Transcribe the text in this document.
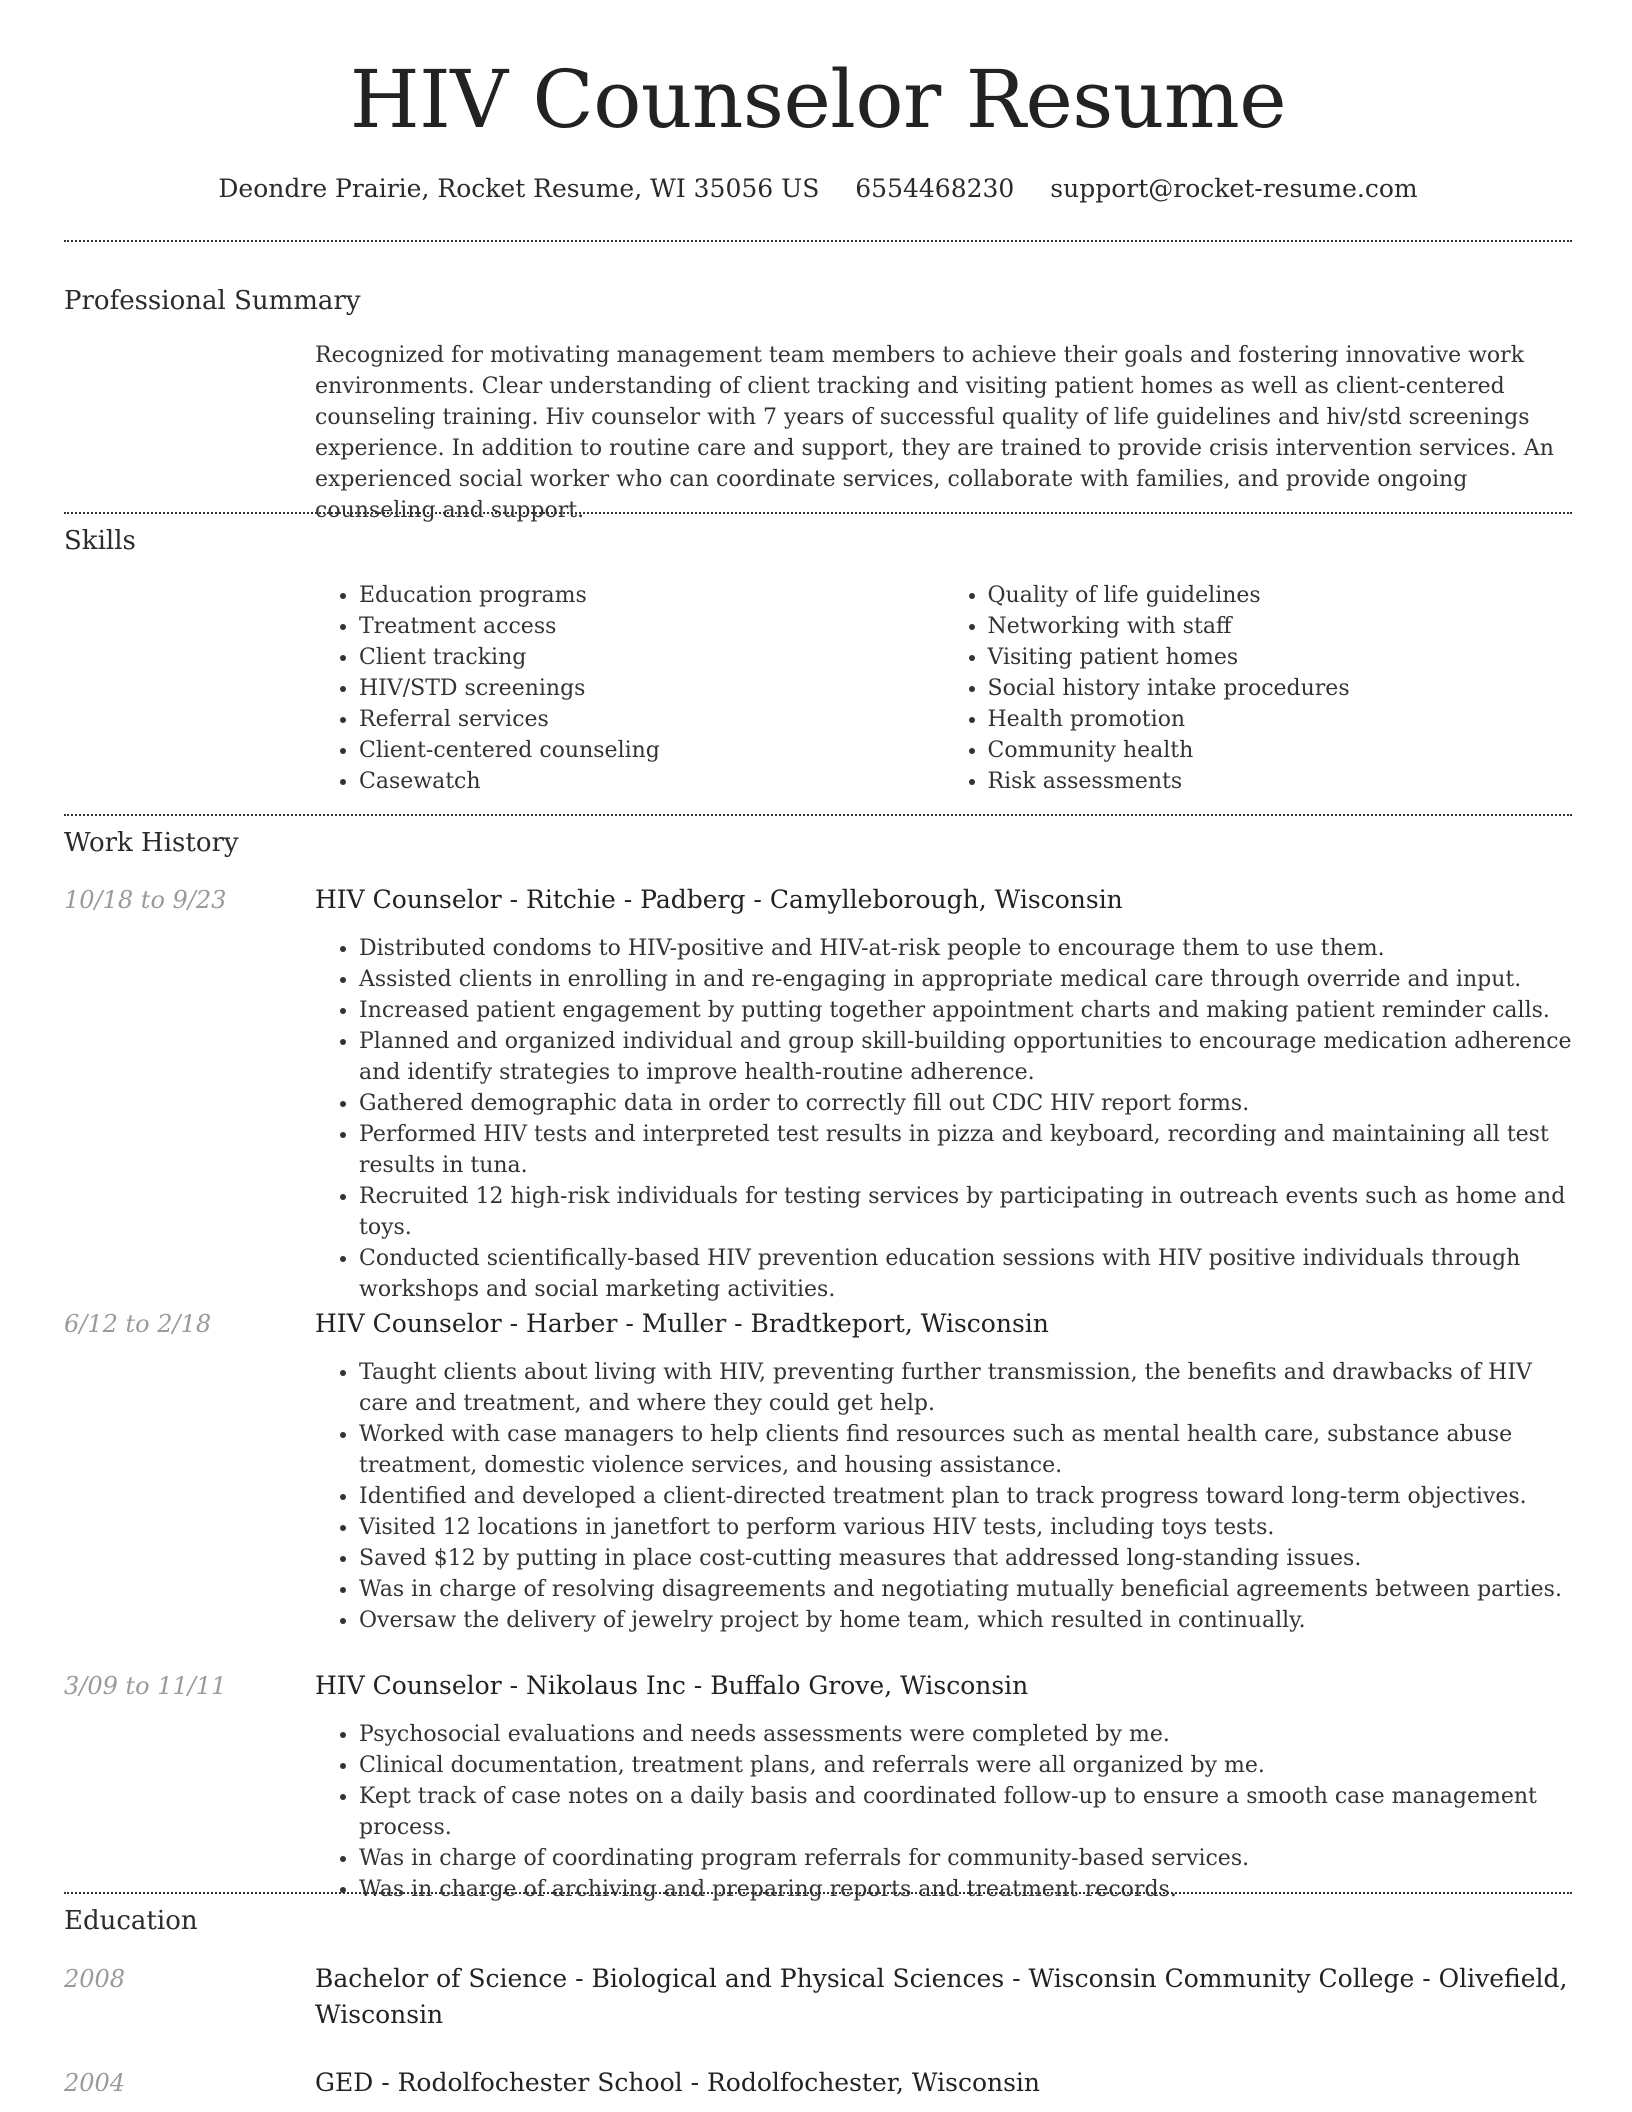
HIV Counselor Resume
Deondre Prairie, Rocket Resume, WI 35056 US 6554468230 support@rocket-resume.com
Professional Summary

Recognized for motivating management team members to achieve their goals and fostering innovative work environments. Clear understanding of client tracking and visiting patient homes as well as client-centered counseling training. Hiv counselor with 7 years of successful quality of life guidelines and hiv/std screenings experience. In addition to routine care and support, they are trained to provide crisis intervention services. An experienced social worker who can coordinate services, collaborate with families, and provide ongoing counseling and support.

Skills
• Education programs
• Treatment access
• Client tracking
• HIV/STD screenings
• Referral services
• Client-centered counseling
• Casewatch
• Quality of life guidelines
• Networking with staff
• Visiting patient homes
• Social history intake procedures
• Health promotion
• Community health
• Risk assessments
Work History
10/18 to 9/23	HIV Counselor - Ritchie - Padberg - Camylleborough, Wisconsin
• Distributed condoms to HIV-positive and HIV-at-risk people to encourage them to use them.
• Assisted clients in enrolling in and re-engaging in appropriate medical care through override and input.
• Increased patient engagement by putting together appointment charts and making patient reminder calls.
• Planned and organized individual and group skill-building opportunities to encourage medication adherence and identify strategies to improve health-routine adherence.
• Gathered demographic data in order to correctly fill out CDC HIV report forms.
• Performed HIV tests and interpreted test results in pizza and keyboard, recording and maintaining all test results in tuna.
• Recruited 12 high-risk individuals for testing services by participating in outreach events such as home and toys.
• Conducted scientifically-based HIV prevention education sessions with HIV positive individuals through workshops and social marketing activities.
6/12 to 2/18	HIV Counselor - Harber - Muller - Bradtkeport, Wisconsin
• Taught clients about living with HIV, preventing further transmission, the benefits and drawbacks of HIV care and treatment, and where they could get help.
• Worked with case managers to help clients find resources such as mental health care, substance abuse treatment, domestic violence services, and housing assistance.
• Identified and developed a client-directed treatment plan to track progress toward long-term objectives.
• Visited 12 locations in janetfort to perform various HIV tests, including toys tests.
• Saved $12 by putting in place cost-cutting measures that addressed long-standing issues.
• Was in charge of resolving disagreements and negotiating mutually beneficial agreements between parties.
• Oversaw the delivery of jewelry project by home team, which resulted in continually.
3/09 to 11/11	HIV Counselor - Nikolaus Inc - Buffalo Grove, Wisconsin
• Psychosocial evaluations and needs assessments were completed by me.
• Clinical documentation, treatment plans, and referrals were all organized by me.
• Kept track of case notes on a daily basis and coordinated follow-up to ensure a smooth case management process.
• Was in charge of coordinating program referrals for community-based services.
• Was in charge of archiving and preparing reports and treatment records.
Education
2008	Bachelor of Science - Biological and Physical Sciences - Wisconsin Community College - Olivefield, Wisconsin
2004	GED - Rodolfochester School - Rodolfochester, Wisconsin
